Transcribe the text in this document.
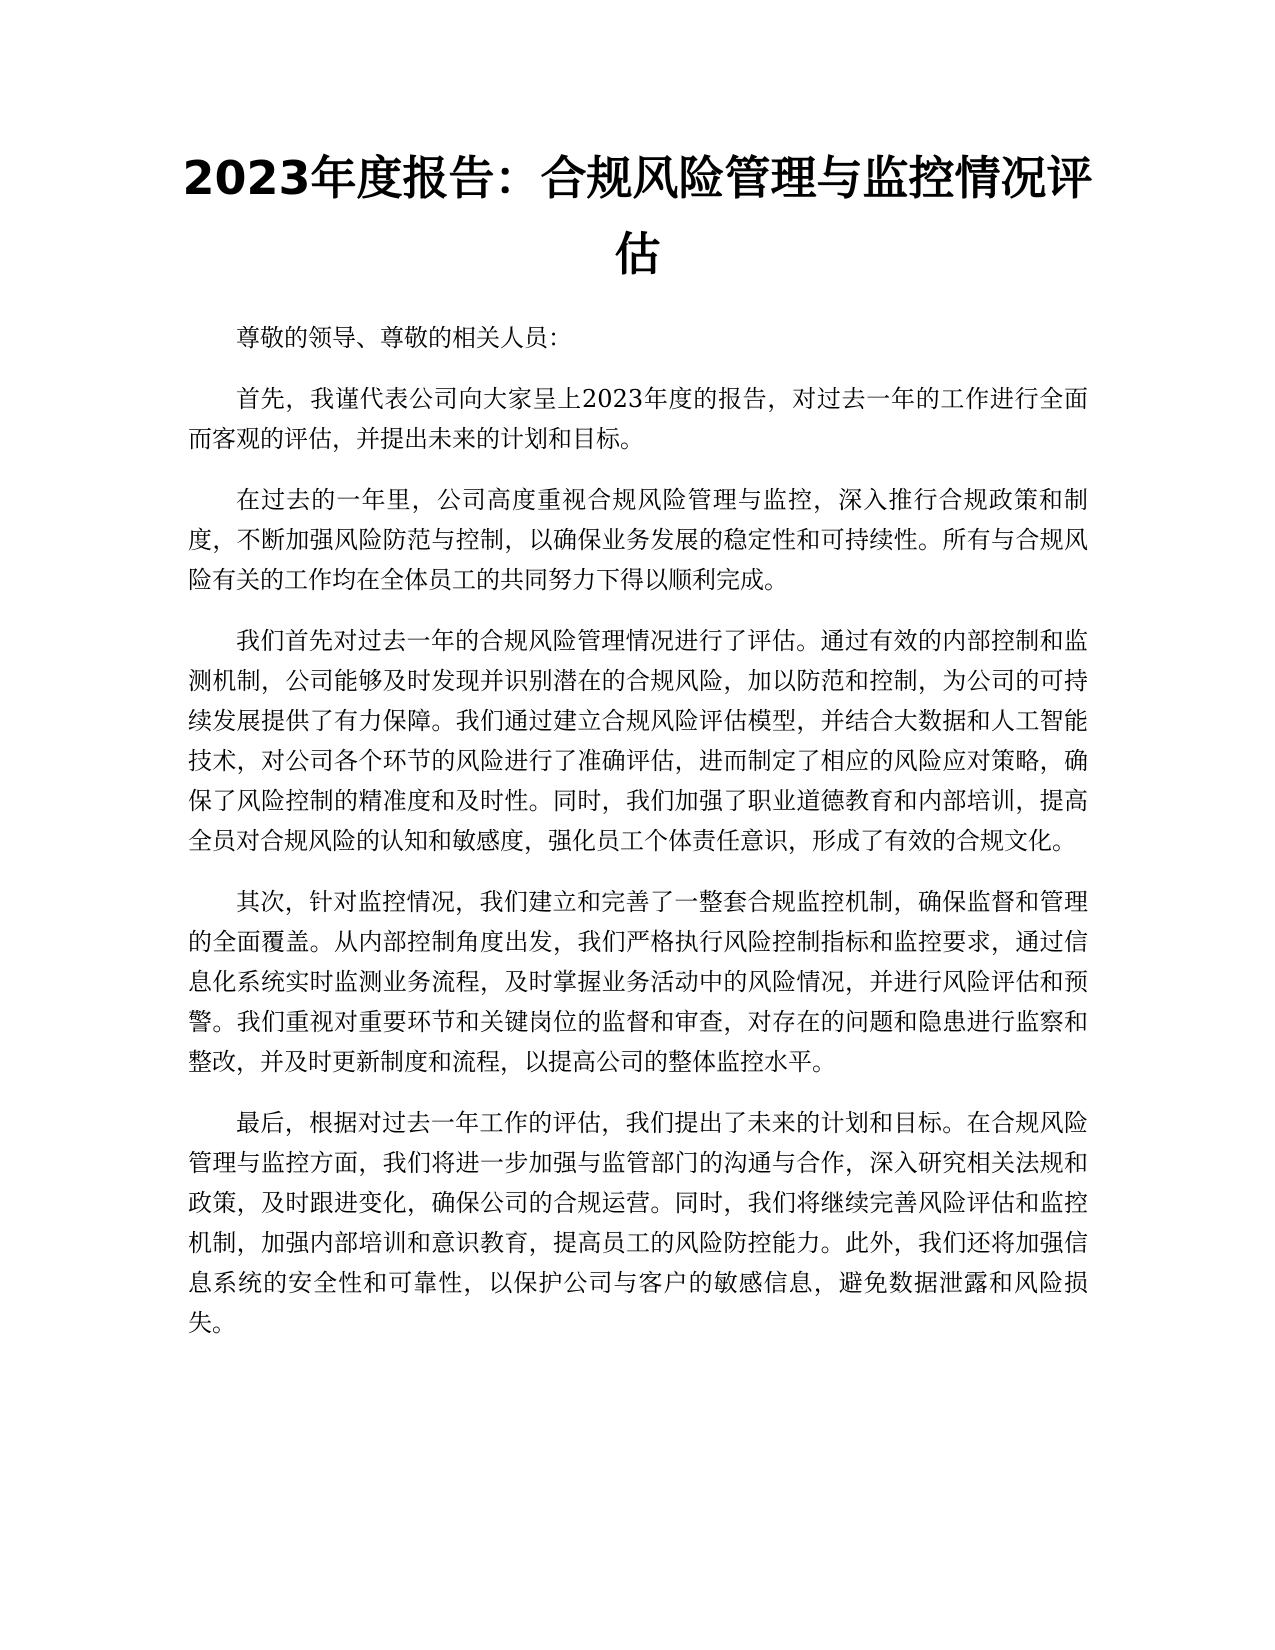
2023年度报告：合规风险管理与监控情况评估

尊敬的领导、尊敬的相关人员：

首先，我谨代表公司向大家呈上2023年度的报告，对过去一年的工作进行全面而客观的评估，并提出未来的计划和目标。

在过去的一年里，公司高度重视合规风险管理与监控，深入推行合规政策和制度，不断加强风险防范与控制，以确保业务发展的稳定性和可持续性。所有与合规风险有关的工作均在全体员工的共同努力下得以顺利完成。

我们首先对过去一年的合规风险管理情况进行了评估。通过有效的内部控制和监测机制，公司能够及时发现并识别潜在的合规风险，加以防范和控制，为公司的可持续发展提供了有力保障。我们通过建立合规风险评估模型，并结合大数据和人工智能技术，对公司各个环节的风险进行了准确评估，进而制定了相应的风险应对策略，确保了风险控制的精准度和及时性。同时，我们加强了职业道德教育和内部培训，提高全员对合规风险的认知和敏感度，强化员工个体责任意识，形成了有效的合规文化。

其次，针对监控情况，我们建立和完善了一整套合规监控机制，确保监督和管理的全面覆盖。从内部控制角度出发，我们严格执行风险控制指标和监控要求，通过信息化系统实时监测业务流程，及时掌握业务活动中的风险情况，并进行风险评估和预警。我们重视对重要环节和关键岗位的监督和审查，对存在的问题和隐患进行监察和整改，并及时更新制度和流程，以提高公司的整体监控水平。

最后，根据对过去一年工作的评估，我们提出了未来的计划和目标。在合规风险管理与监控方面，我们将进一步加强与监管部门的沟通与合作，深入研究相关法规和政策，及时跟进变化，确保公司的合规运营。同时，我们将继续完善风险评估和监控机制，加强内部培训和意识教育，提高员工的风险防控能力。此外，我们还将加强信息系统的安全性和可靠性，以保护公司与客户的敏感信息，避免数据泄露和风险损失。
